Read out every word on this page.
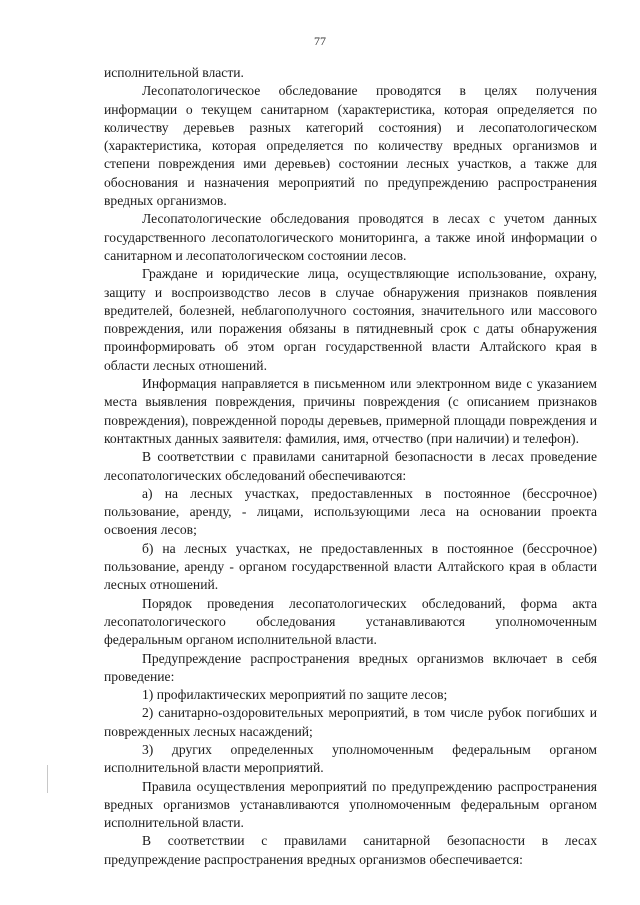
77

исполнительной власти.

Лесопатологическое обследование проводятся в целях получения информации о текущем санитарном (характеристика, которая определяется по количеству деревьев разных категорий состояния) и лесопатологическом (характеристика, которая определяется по количеству вредных организмов и степени повреждения ими деревьев) состоянии лесных участков, а также для обоснования и назначения мероприятий по предупреждению распространения вредных организмов.

Лесопатологические обследования проводятся в лесах с учетом данных государственного лесопатологического мониторинга, а также иной информации о санитарном и лесопатологическом состоянии лесов.

Граждане и юридические лица, осуществляющие использование, охрану, защиту и воспроизводство лесов в случае обнаружения признаков появления вредителей, болезней, неблагополучного состояния, значительного или массового повреждения, или поражения обязаны в пятидневный срок с даты обнаружения проинформировать об этом орган государственной власти Алтайского края в области лесных отношений.

Информация направляется в письменном или электронном виде с указанием места выявления повреждения, причины повреждения (с описанием признаков повреждения), поврежденной породы деревьев, примерной площади повреждения и контактных данных заявителя: фамилия, имя, отчество (при наличии) и телефон).

В соответствии с правилами санитарной безопасности в лесах проведение лесопатологических обследований обеспечиваются:

а) на лесных участках, предоставленных в постоянное (бессрочное) пользование, аренду, - лицами, использующими леса на основании проекта освоения лесов;

б) на лесных участках, не предоставленных в постоянное (бессрочное) пользование, аренду - органом государственной власти Алтайского края в области лесных отношений.

Порядок проведения лесопатологических обследований, форма акта лесопатологического обследования устанавливаются уполномоченным федеральным органом исполнительной власти.

Предупреждение распространения вредных организмов включает в себя проведение:

1) профилактических мероприятий по защите лесов;

2) санитарно-оздоровительных мероприятий, в том числе рубок погибших и поврежденных лесных насаждений;

3) других определенных уполномоченным федеральным органом исполнительной власти мероприятий.

Правила осуществления мероприятий по предупреждению распространения вредных организмов устанавливаются уполномоченным федеральным органом исполнительной власти.

В соответствии с правилами санитарной безопасности в лесах предупреждение распространения вредных организмов обеспечивается:
